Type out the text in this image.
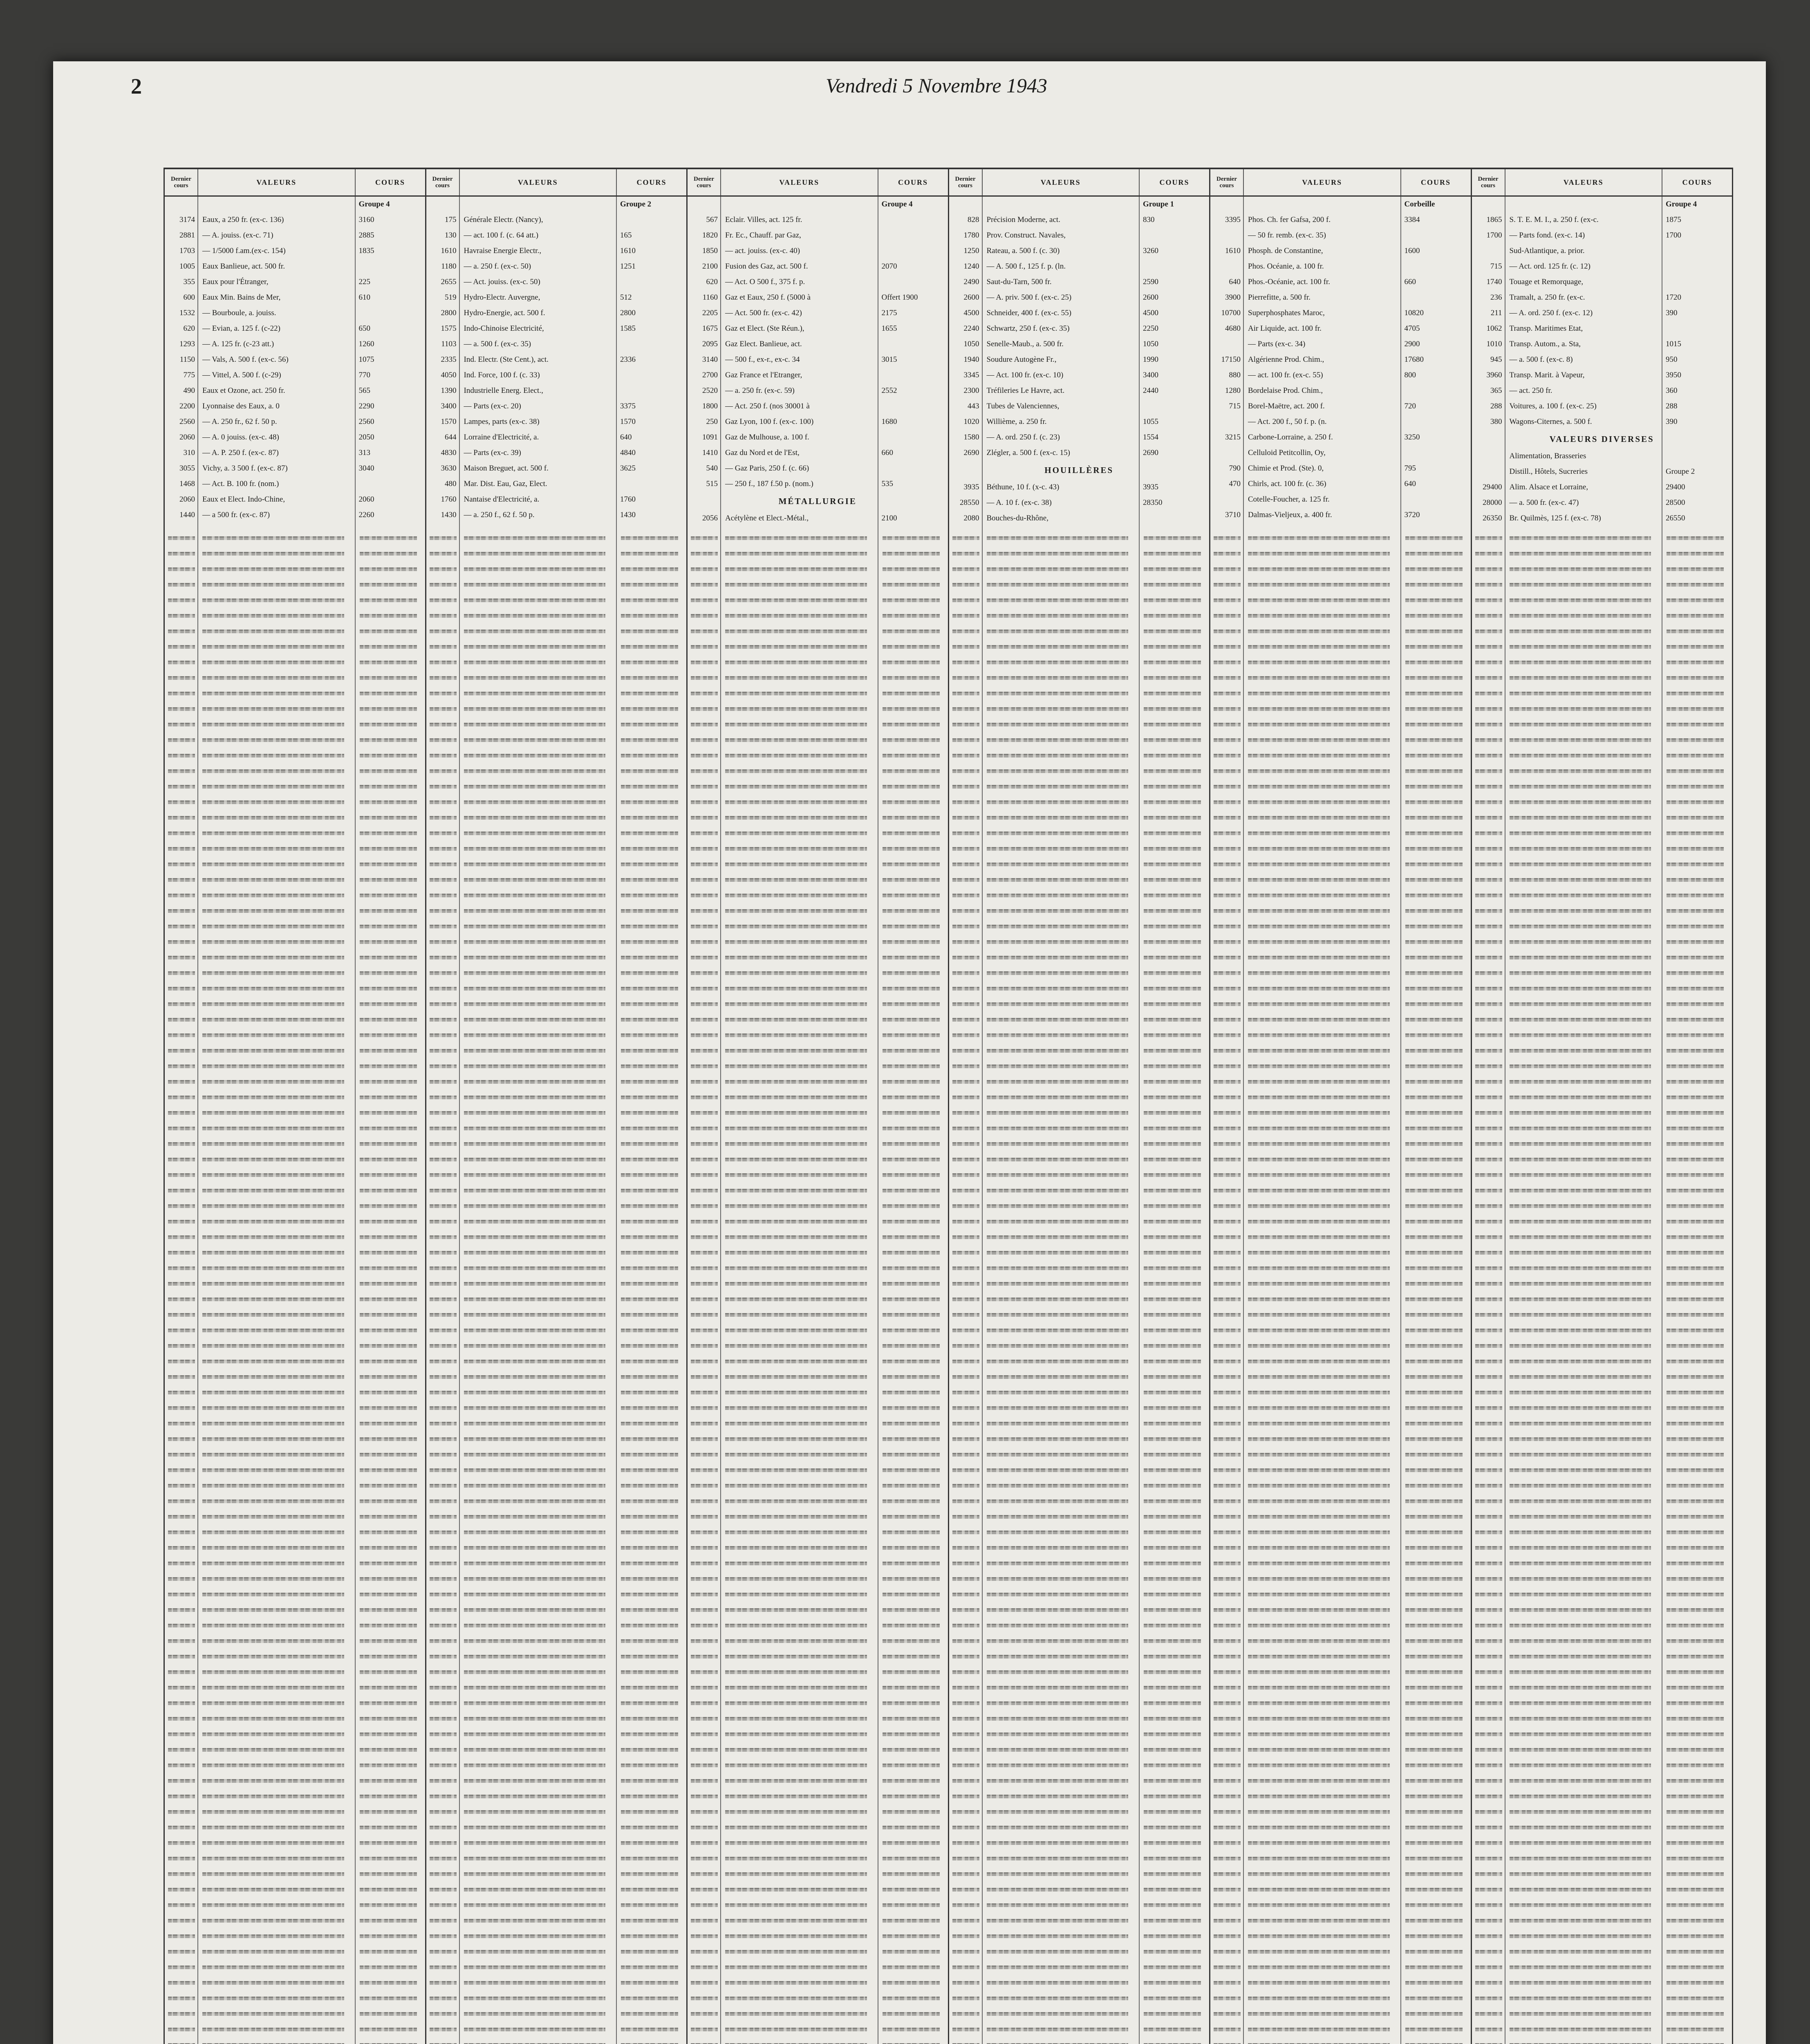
2	Vendredi 5 Novembre 1943
Dernier cours	VALEURS	COURS
Groupe 4
3174 Eaux, a 250 fr. (ex-c. 136)	3160
2881 — A. jouiss. (ex-c. 71)	2885
1703 — 1/5000 f.am.(ex-c. 154)	1835
1005 Eaux Banlieue, act. 500 fr.
355 Eaux pour l'Étranger,	225
600 Eaux Min. Bains de Mer,	610
1532 — Bourboule, a. jouiss.
620 — Evian, a. 125 f. (c-22)	650
1293 — A. 125 fr. (c-23 att.)	1260
1150 — Vals, A. 500 f. (ex-c. 56)	1075
775 — Vittel, A. 500 f. (c-29)	770
490 Eaux et Ozone, act. 250 fr.	565
2200 Lyonnaise des Eaux, a. 0	2290
2560 — A. 250 fr., 62 f. 50 p.	2560
2060 — A. 0 jouiss. (ex-c. 48)	2050
310 — A. P. 250 f. (ex-c. 87)	313
3055 Vichy, a. 3 500 f. (ex-c. 87)	3040
1468 — Act. B. 100 fr. (nom.)
2060 Eaux et Elect. Indo-Chine,	2060
1440 — a 500 fr. (ex-c. 87)	2260
Dernier cours	VALEURS	COURS
Groupe 2
175 Générale Electr. (Nancy),
130 — act. 100 f. (c. 64 att.)	165
1610 Havraise Energie Electr.,	1610
1180 — a. 250 f. (ex-c. 50)	1251
2655 — Act. jouiss. (ex-c. 50)
519 Hydro-Electr. Auvergne,	512
2800 Hydro-Energie, act. 500 f.	2800
1575 Indo-Chinoise Electricité,	1585
1103 — a. 500 f. (ex-c. 35)
2335 Ind. Electr. (Ste Cent.), act.	2336
4050 Ind. Force, 100 f. (c. 33)
1390 Industrielle Energ. Elect.,
3400 — Parts (ex-c. 20)	3375
1570 Lampes, parts (ex-c. 38)	1570
644 Lorraine d'Electricité, a.	640
4830 — Parts (ex-c. 39)	4840
3630 Maison Breguet, act. 500 f.	3625
480 Mar. Dist. Eau, Gaz, Elect.
1760 Nantaise d'Electricité, a.	1760
1430 — a. 250 f., 62 f. 50 p.	1430
Dernier cours	VALEURS	COURS
Groupe 4
567 Eclair. Villes, act. 125 fr.
1820 Fr. Ec., Chauff. par Gaz,
1850 — act. jouiss. (ex-c. 40)
2100 Fusion des Gaz, act. 500 f.	2070
620 — Act. O 500 f., 375 f. p.
1160 Gaz et Eaux, 250 f. (5000 à	Offert 1900
2205 — Act. 500 fr. (ex-c. 42)	2175
1675 Gaz et Elect. (Ste Réun.),	1655
2095 Gaz Elect. Banlieue, act.
3140 — 500 f., ex-r., ex-c. 34	3015
2700 Gaz France et l'Etranger,
2520 — a. 250 fr. (ex-c. 59)	2552
1800 — Act. 250 f. (nos 30001 à
250 Gaz Lyon, 100 f. (ex-c. 100)	1680
1091 Gaz de Mulhouse, a. 100 f.
1410 Gaz du Nord et de l'Est,	660
540 — Gaz Paris, 250 f. (c. 66)
515 — 250 f., 187 f.50 p. (nom.)	535
MÉTALLURGIE
2056 Acétylène et Elect.-Métal.,	2100
Dernier cours	VALEURS	COURS
Groupe 1
828 Précision Moderne, act.	830
1780 Prov. Construct. Navales,
1250 Rateau, a. 500 f. (c. 30)	3260
1240 — A. 500 f., 125 f. p. (ln.
2490 Saut-du-Tarn, 500 fr.	2590
2600 — A. priv. 500 f. (ex-c. 25)	2600
4500 Schneider, 400 f. (ex-c. 55)	4500
2240 Schwartz, 250 f. (ex-c. 35)	2250
1050 Senelle-Maub., a. 500 fr.	1050
1940 Soudure Autogène Fr.,	1990
3345 — Act. 100 fr. (ex-c. 10)	3400
2300 Tréfileries Le Havre, act.	2440
443 Tubes de Valenciennes,
1020 Willième, a. 250 fr.	1055
1580 — A. ord. 250 f. (c. 23)	1554
2690 Zlégler, a. 500 f. (ex-c. 15)	2690
HOUILLÈRES
3935 Béthune, 10 f. (x-c. 43)	3935
28550 — A. 10 f. (ex-c. 38)	28350
2080 Bouches-du-Rhône,
Dernier cours	VALEURS	COURS
Corbeille
3395 Phos. Ch. fer Gafsa, 200 f.	3384
— 50 fr. remb. (ex-c. 35)
1610 Phosph. de Constantine,	1600
Phos. Océanie, a. 100 fr.
640 Phos.-Océanie, act. 100 fr.	660
3900 Pierrefitte, a. 500 fr.
10700 Superphosphates Maroc,	10820
4680 Air Liquide, act. 100 fr.	4705
— Parts (ex-c. 34)	2900
17150 Algérienne Prod. Chim.,	17680
880 — act. 100 fr. (ex-c. 55)	800
1280 Bordelaise Prod. Chim.,
715 Borel-Maëtre, act. 200 f.	720
— Act. 200 f., 50 f. p. (n.
3215 Carbone-Lorraine, a. 250 f.	3250
Celluloid Petitcollin, Oy,
790 Chimie et Prod. (Ste). 0,	795
470 Chirls, act. 100 fr. (c. 36)	640
Cotelle-Foucher, a. 125 fr.
3710 Dalmas-Vieljeux, a. 400 fr.	3720
Dernier cours	VALEURS	COURS
Groupe 4
1865 S. T. E. M. I., a. 250 f. (ex-c.	1875
1700 — Parts fond. (ex-c. 14)	1700
Sud-Atlantique, a. prior.
715 — Act. ord. 125 fr. (c. 12)
1740 Touage et Remorquage,
236 Tramalt, a. 250 fr. (ex-c.	1720
211 — A. ord. 250 f. (ex-c. 12)	390
1062 Transp. Maritimes Etat,
1010 Transp. Autom., a. Sta,	1015
945 — a. 500 f. (ex-c. 8)	950
3960 Transp. Marit. à Vapeur,	3950
365 — act. 250 fr.	360
288 Voitures, a. 100 f. (ex-c. 25)	288
380 Wagons-Citernes, a. 500 f.	390
VALEURS DIVERSES
Alimentation, Brasseries
Distill., Hôtels, Sucreries	Groupe 2
29400 Alim. Alsace et Lorraine,	29400
28000 — a. 500 fr. (ex-c. 47)	28500
26350 Br. Quilmès, 125 f. (ex-c. 78)	26550
